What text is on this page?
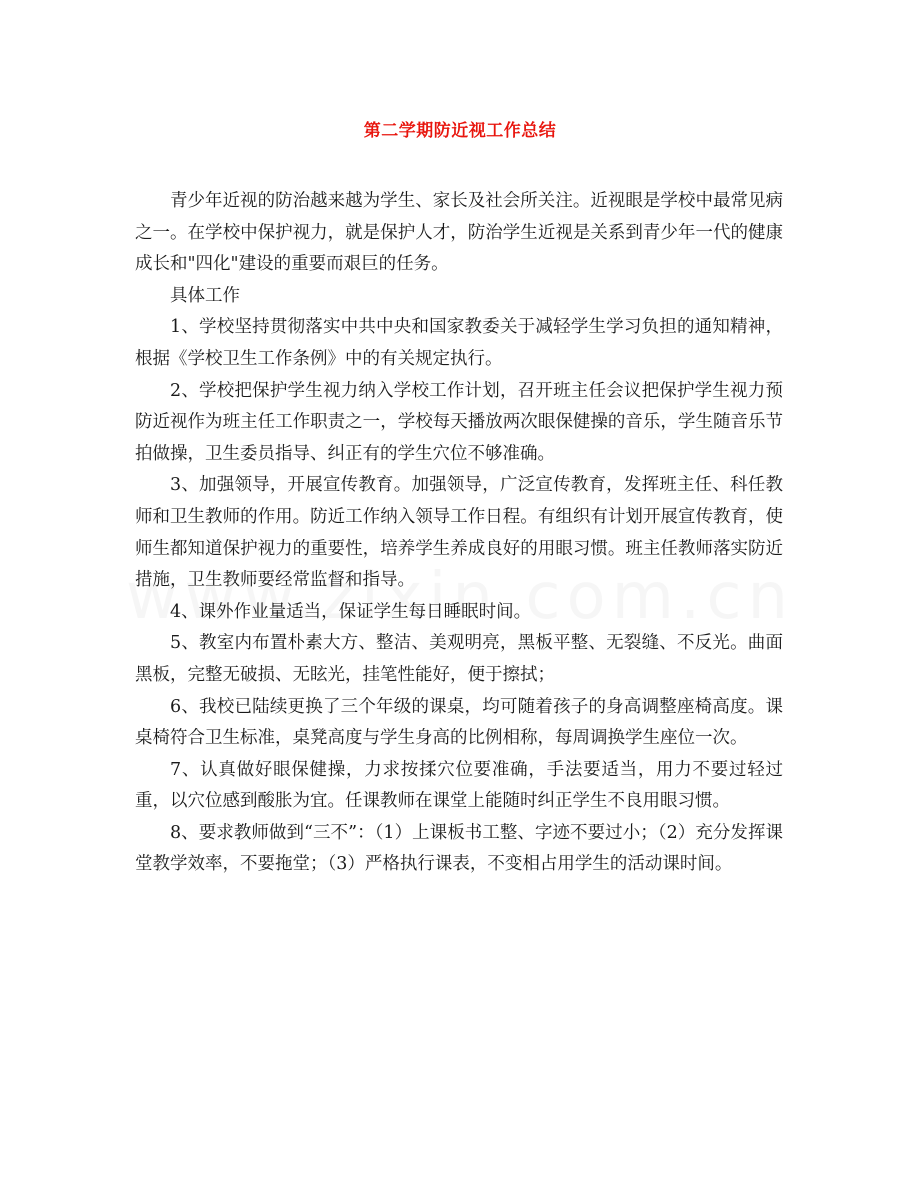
第二学期防近视工作总结

青少年近视的防治越来越为学生、家长及社会所关注。近视眼是学校中最常见病之一。在学校中保护视力，就是保护人才，防治学生近视是关系到青少年一代的健康成长和"四化"建设的重要而艰巨的任务。

具体工作

1、学校坚持贯彻落实中共中央和国家教委关于减轻学生学习负担的通知精神，根据《学校卫生工作条例》中的有关规定执行。

2、学校把保护学生视力纳入学校工作计划，召开班主任会议把保护学生视力预防近视作为班主任工作职责之一，学校每天播放两次眼保健操的音乐，学生随音乐节拍做操，卫生委员指导、纠正有的学生穴位不够准确。

3、加强领导，开展宣传教育。加强领导，广泛宣传教育，发挥班主任、科任教师和卫生教师的作用。防近工作纳入领导工作日程。有组织有计划开展宣传教育，使师生都知道保护视力的重要性，培养学生养成良好的用眼习惯。班主任教师落实防近措施，卫生教师要经常监督和指导。

4、课外作业量适当，保证学生每日睡眠时间。

5、教室内布置朴素大方、整洁、美观明亮，黑板平整、无裂缝、不反光。曲面黑板，完整无破损、无眩光，挂笔性能好，便于擦拭；

6、我校已陆续更换了三个年级的课桌，均可随着孩子的身高调整座椅高度。课桌椅符合卫生标准，桌凳高度与学生身高的比例相称，每周调换学生座位一次。

7、认真做好眼保健操，力求按揉穴位要准确，手法要适当，用力不要过轻过重，以穴位感到酸胀为宜。任课教师在课堂上能随时纠正学生不良用眼习惯。

8、要求教师做到“三不”：（1）上课板书工整、字迹不要过小；（2）充分发挥课堂教学效率，不要拖堂；（3）严格执行课表，不变相占用学生的活动课时间。
